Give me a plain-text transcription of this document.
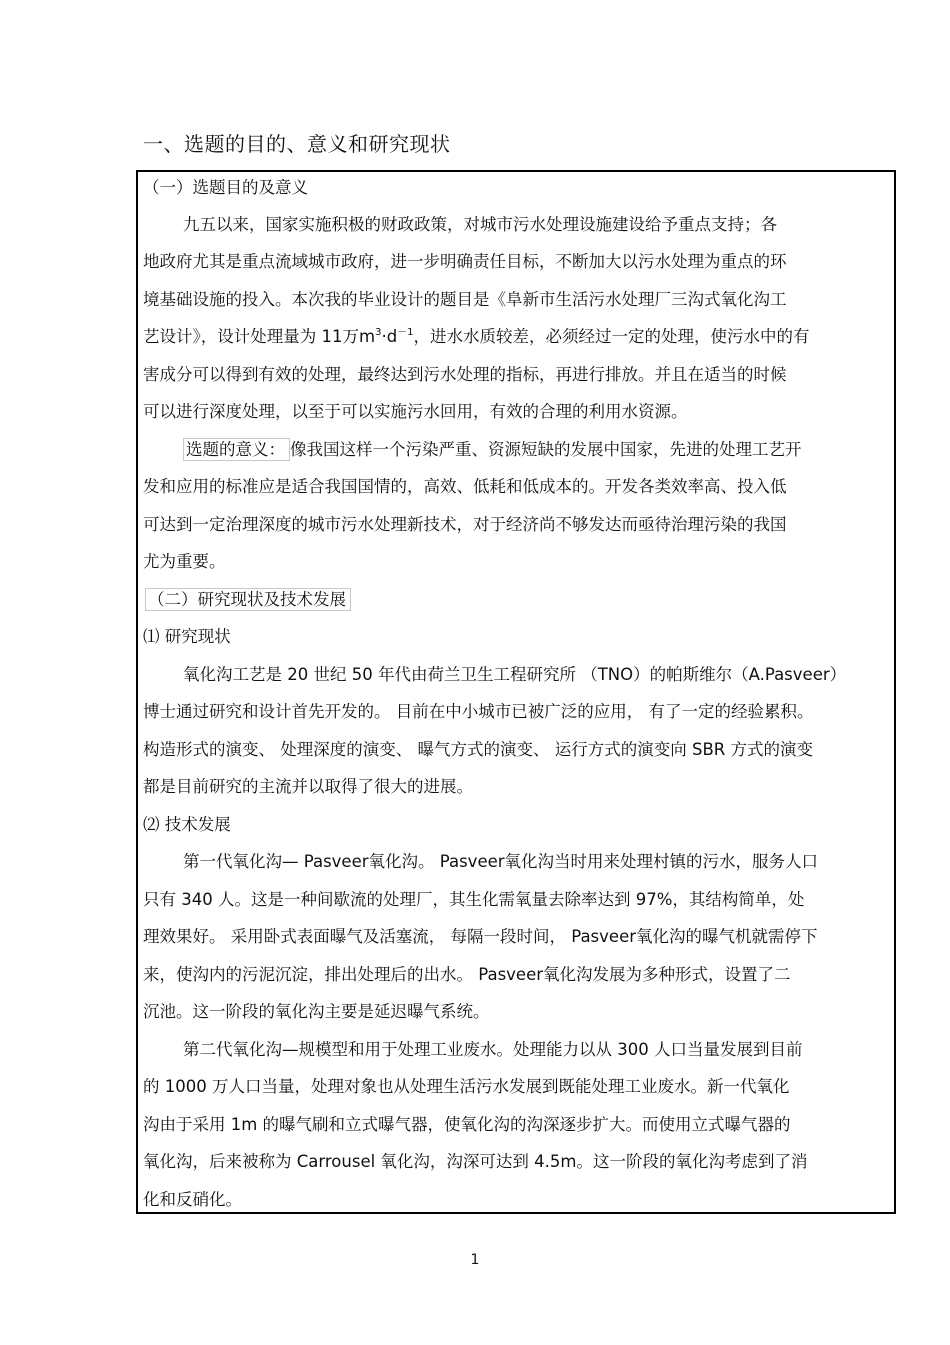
一、选题的目的、意义和研究现状
（一）选题目的及意义
九五以来，国家实施积极的财政政策，对城市污水处理设施建设给予重点支持；各
地政府尤其是重点流域城市政府，进一步明确责任目标，不断加大以污水处理为重点的环
境基础设施的投入。本次我的毕业设计的题目是《阜新市生活污水处理厂三沟式氧化沟工
艺设计》，设计处理量为 11万$m^3\cdot d^{-1}$，进水水质较差，必须经过一定的处理，使污水中的有
害成分可以得到有效的处理，最终达到污水处理的指标，再进行排放。并且在适当的时候
可以进行深度处理，以至于可以实施污水回用，有效的合理的利用水资源。
选题的意义： 像我国这样一个污染严重、资源短缺的发展中国家，先进的处理工艺开
发和应用的标准应是适合我国国情的，高效、低耗和低成本的。开发各类效率高、投入低
可达到一定治理深度的城市污水处理新技术，对于经济尚不够发达而亟待治理污染的我国
尤为重要。
（二）研究现状及技术发展
⑴ 研究现状
氧化沟工艺是 20 世纪 50 年代由荷兰卫生工程研究所 （TNO）的帕斯维尔（A.Pasveer）
博士通过研究和设计首先开发的。 目前在中小城市已被广泛的应用， 有了一定的经验累积。
构造形式的演变、 处理深度的演变、 曝气方式的演变、 运行方式的演变向 SBR 方式的演变
都是目前研究的主流并以取得了很大的进展。
⑵ 技术发展
第一代氧化沟— Pasveer氧化沟。 Pasveer氧化沟当时用来处理村镇的污水，服务人口
只有 340 人。这是一种间歇流的处理厂，其生化需氧量去除率达到 97%，其结构简单，处
理效果好。 采用卧式表面曝气及活塞流， 每隔一段时间， Pasveer氧化沟的曝气机就需停下
来，使沟内的污泥沉淀，排出处理后的出水。 Pasveer氧化沟发展为多种形式，设置了二
沉池。这一阶段的氧化沟主要是延迟曝气系统。
第二代氧化沟—规模型和用于处理工业废水。处理能力以从 300 人口当量发展到目前
的 1000 万人口当量，处理对象也从处理生活污水发展到既能处理工业废水。新一代氧化
沟由于采用 1m 的曝气刷和立式曝气器，使氧化沟的沟深逐步扩大。而使用立式曝气器的
氧化沟，后来被称为 Carrousel 氧化沟，沟深可达到 4.5m。这一阶段的氧化沟考虑到了消
化和反硝化。
1
